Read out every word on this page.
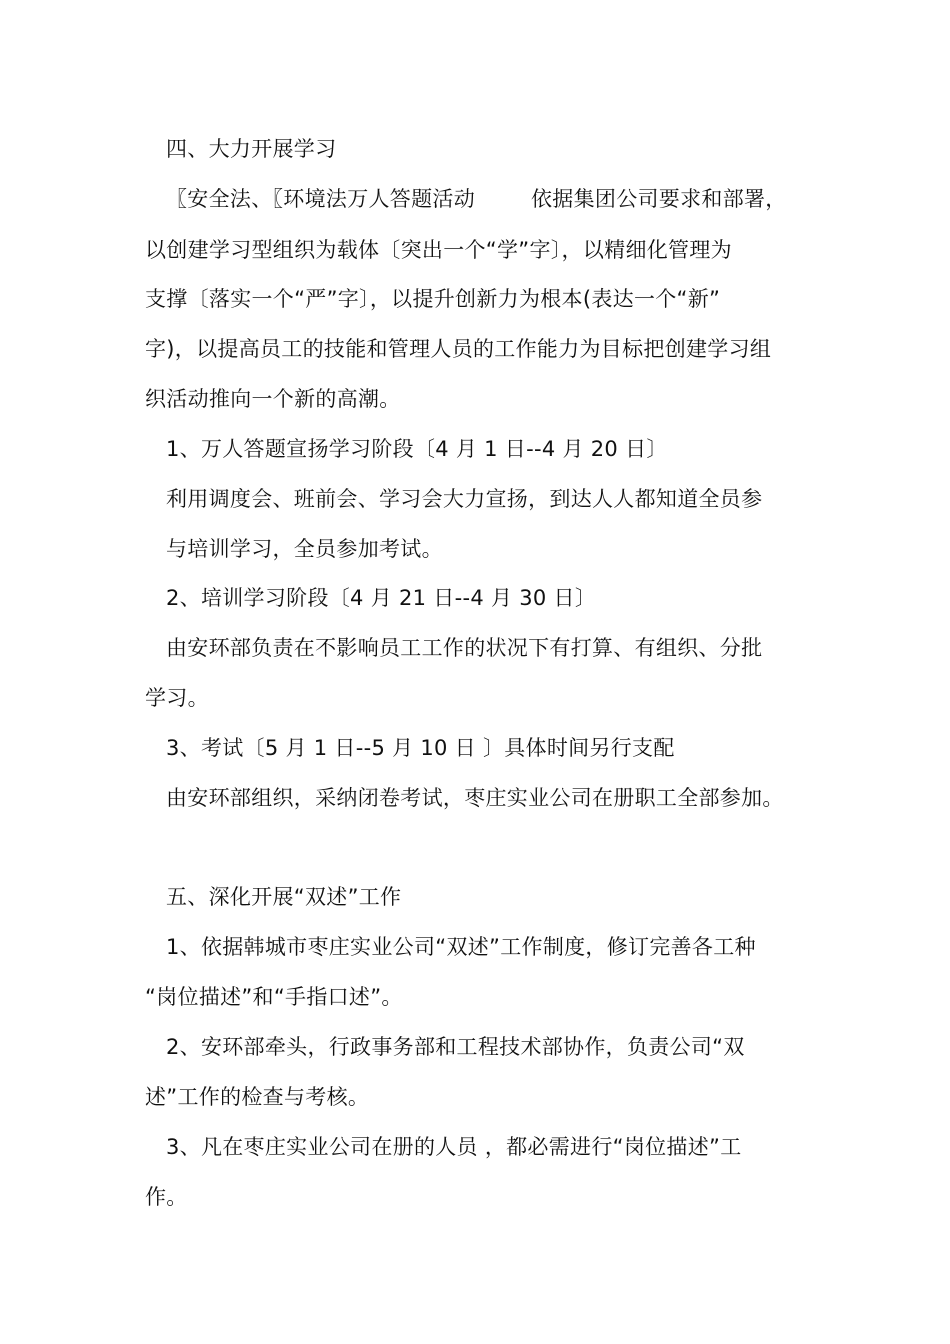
四、大力开展学习
〖安全法、〖环境法万人答题活动	依据集团公司要求和部署，
以创建学习型组织为载体〔突出一个“学”字〕，以精细化管理为
支撑〔落实一个“严”字〕，以提升创新力为根本(表达一个“新”
字)，以提高员工的技能和管理人员的工作能力为目标把创建学习组
织活动推向一个新的高潮。
1、万人答题宣扬学习阶段〔4 月 1 日--4 月 20 日〕
利用调度会、班前会、学习会大力宣扬，到达人人都知道全员参
与培训学习，全员参加考试。
2、培训学习阶段〔4 月 21 日--4 月 30 日〕
由安环部负责在不影响员工工作的状况下有打算、有组织、分批
学习。
3、考试〔5 月 1 日--5 月 10 日 〕具体时间另行支配
由安环部组织，采纳闭卷考试，枣庄实业公司在册职工全部参加。
五、深化开展“双述”工作
1、依据韩城市枣庄实业公司“双述”工作制度，修订完善各工种
“岗位描述”和“手指口述”。
2、安环部牵头，行政事务部和工程技术部协作，负责公司“双
述”工作的检查与考核。
3、凡在枣庄实业公司在册的人员 ，都必需进行“岗位描述”工
作。
